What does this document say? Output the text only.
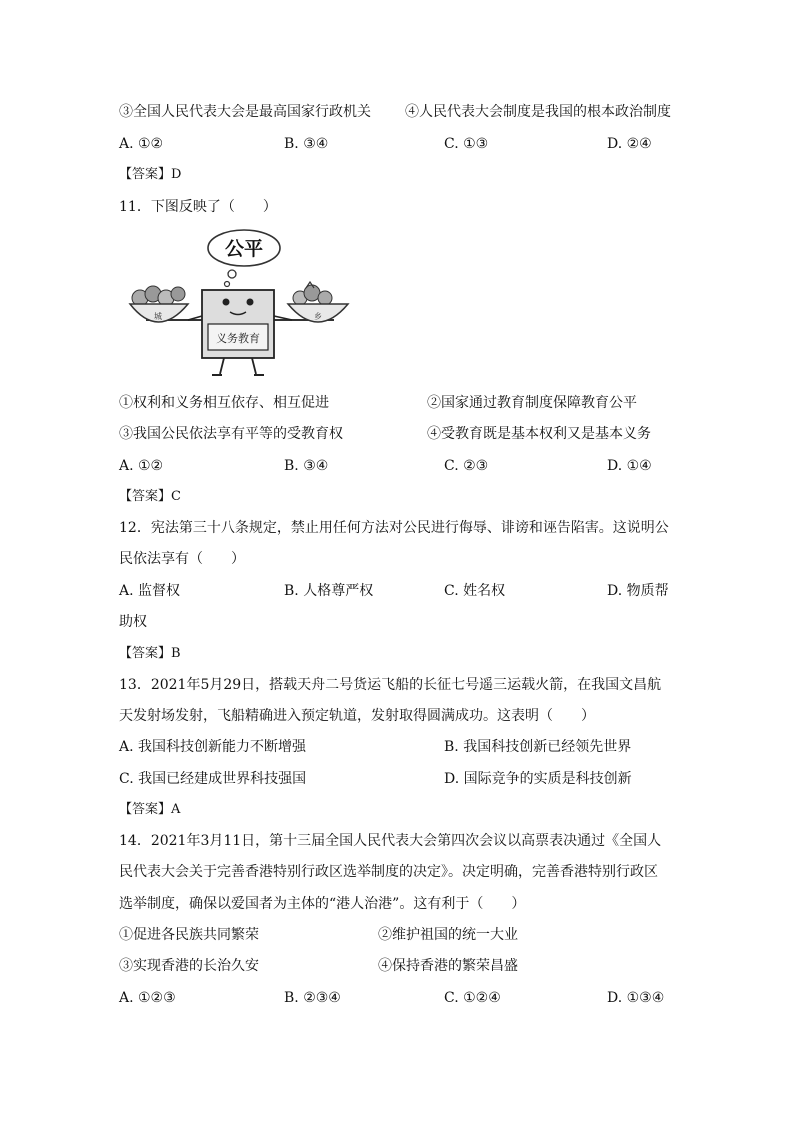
③全国人民代表大会是最高国家行政机关 ④人民代表大会制度是我国的根本政治制度
A. ①②	B. ③④	C. ①③	D. ②④
【答案】D
11．下图反映了（　　）
公平
城	乡
义务教育
①权利和义务相互依存、相互促进	②国家通过教育制度保障教育公平
③我国公民依法享有平等的受教育权	④受教育既是基本权利又是基本义务
A. ①②	B. ③④	C. ②③	D. ①④
【答案】C
12．宪法第三十八条规定，禁止用任何方法对公民进行侮辱、诽谤和诬告陷害。这说明公
民依法享有（　　）
A. 监督权	B. 人格尊严权	C. 姓名权	D. 物质帮
助权
【答案】B
13．2021年5月29日，搭载天舟二号货运飞船的长征七号遥三运载火箭，在我国文昌航
天发射场发射，飞船精确进入预定轨道，发射取得圆满成功。这表明（　　）
A. 我国科技创新能力不断增强	B. 我国科技创新已经领先世界
C. 我国已经建成世界科技强国	D. 国际竞争的实质是科技创新
【答案】A
14．2021年3月11日，第十三届全国人民代表大会第四次会议以高票表决通过《全国人
民代表大会关于完善香港特别行政区选举制度的决定》。决定明确，完善香港特别行政区
选举制度，确保以爱国者为主体的“港人治港”。这有利于（　　）
①促进各民族共同繁荣	②维护祖国的统一大业
③实现香港的长治久安	④保持香港的繁荣昌盛
A. ①②③	B. ②③④	C. ①②④	D. ①③④
